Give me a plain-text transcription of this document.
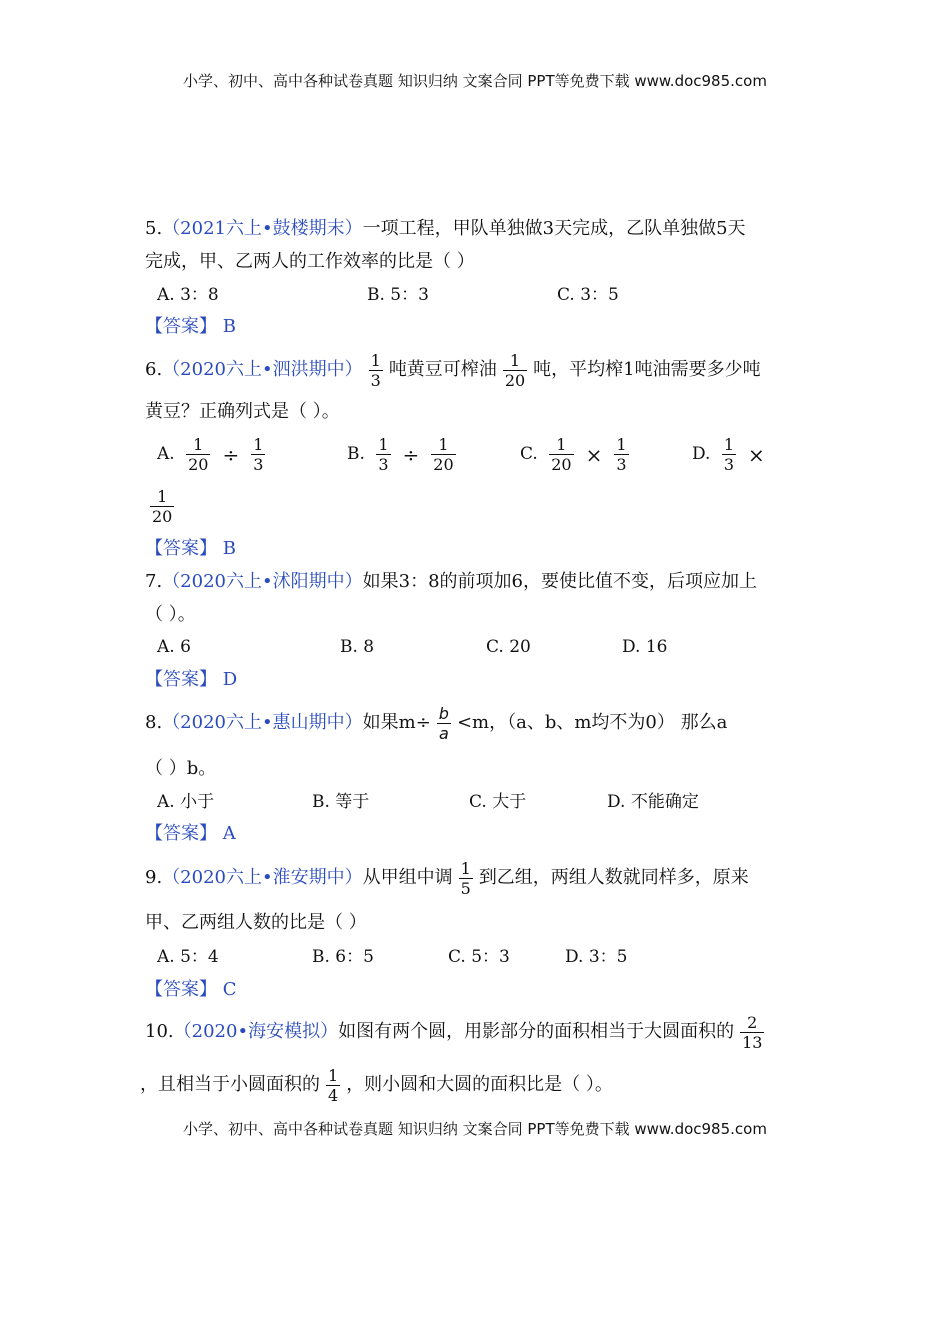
小学、初中、高中各种试卷真题 知识归纳 文案合同 PPT等免费下载 www.doc985.com
5.（2021六上•鼓楼期末）一项工程，甲队单独做3天完成，乙队单独做5天
完成，甲、乙两人的工作效率的比是（ ）
A. 3：8	B. 5：3	C. 3：5
【答案】 B
6.（2020六上•泗洪期中） $\frac{1}{3}$ 吨黄豆可榨油 $\frac{1}{20}$ 吨，平均榨1吨油需要多少吨
黄豆？正确列式是（ ）。
A. $\frac{1}{20} \div \frac{1}{3}$	B. $\frac{1}{3} \div \frac{1}{20}$	C. $\frac{1}{20} \times \frac{1}{3}$	D. $\frac{1}{3}$ ×
$\frac{1}{20}$
【答案】 B
7.（2020六上•沭阳期中）如果3：8的前项加6，要使比值不变，后项应加上
（ ）。
A. 6	B. 8	C. 20	D. 16
【答案】 D
8.（2020六上•惠山期中）如果$m\div \frac{b}{a} <m$，（a、b、m均不为0） 那么a
（ ）b。
A. 小于	B. 等于	C. 大于	D. 不能确定
【答案】 A
9.（2020六上•淮安期中）从甲组中调 $\frac{1}{5}$ 到乙组，两组人数就同样多，原来
甲、乙两组人数的比是（ ）
A. 5：4	B. 6：5	C. 5：3	D. 3：5
【答案】 C
10.（2020•海安模拟）如图有两个圆，用影部分的面积相当于大圆面积的 $\frac{2}{13}$
，且相当于小圆面积的 $\frac{1}{4}$ ，则小圆和大圆的面积比是（ ）。
小学、初中、高中各种试卷真题 知识归纳 文案合同 PPT等免费下载 www.doc985.com
